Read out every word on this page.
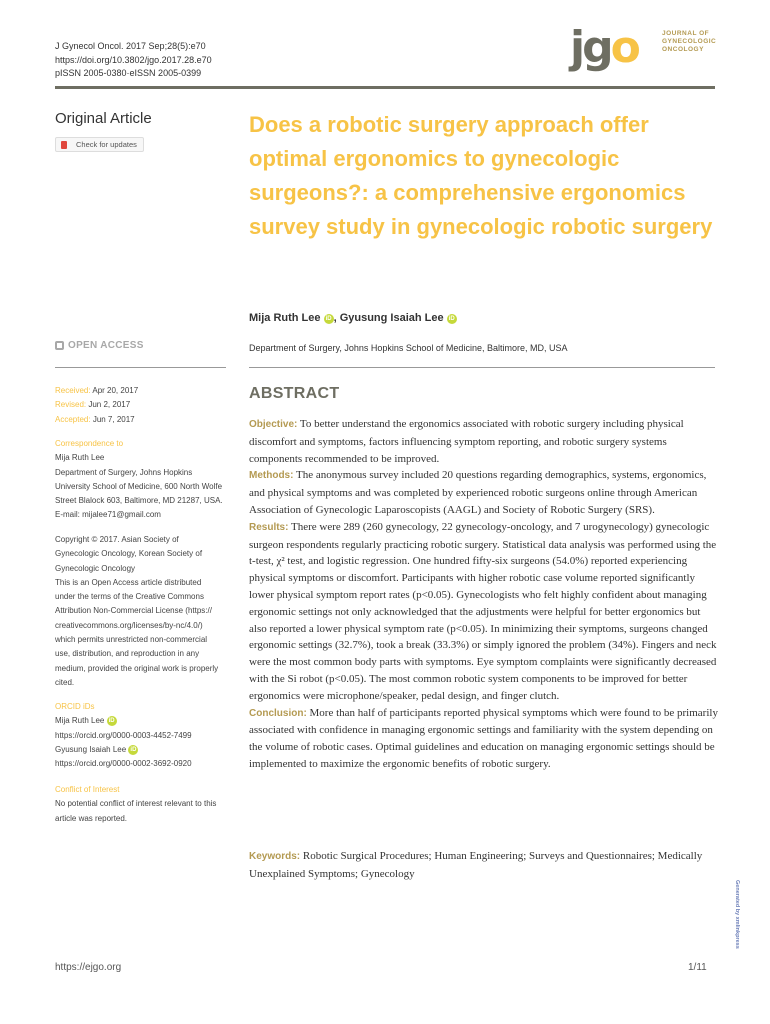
J Gynecol Oncol. 2017 Sep;28(5):e70
https://doi.org/10.3802/jgo.2017.28.e70
pISSN 2005-0380·eISSN 2005-0399	jgo	JOURNAL OF
GYNECOLOGIC
ONCOLOGY
Original Article
Check for updates
Does a robotic surgery approach offer optimal ergonomics to gynecologic surgeons?: a comprehensive ergonomics survey study in gynecologic robotic surgery
Mija Ruth Lee iD , Gyusung Isaiah Lee iD
OPEN ACCESS	Department of Surgery, Johns Hopkins School of Medicine, Baltimore, MD, USA
Received: Apr 20, 2017
Revised: Jun 2, 2017
Accepted: Jun 7, 2017
Correspondence to
Mija Ruth Lee
Department of Surgery, Johns Hopkins
University School of Medicine, 600 North Wolfe
Street Blalock 603, Baltimore, MD 21287, USA.
E-mail: mijalee71@gmail.com
Copyright © 2017. Asian Society of
Gynecologic Oncology, Korean Society of
Gynecologic Oncology
This is an Open Access article distributed
under the terms of the Creative Commons
Attribution Non-Commercial License (https://
creativecommons.org/licenses/by-nc/4.0/)
which permits unrestricted non-commercial
use, distribution, and reproduction in any
medium, provided the original work is properly
cited.
ORCID iDs
Mija Ruth Lee iD
https://orcid.org/0000-0003-4452-7499
Gyusung Isaiah Lee iD
https://orcid.org/0000-0002-3692-0920
Conflict of Interest
No potential conflict of interest relevant to this
article was reported.
ABSTRACT

Objective: To better understand the ergonomics associated with robotic surgery including physical discomfort and symptoms, factors influencing symptom reporting, and robotic surgery systems components recommended to be improved.

Methods: The anonymous survey included 20 questions regarding demographics, systems, ergonomics, and physical symptoms and was completed by experienced robotic surgeons online through American Association of Gynecologic Laparoscopists (AAGL) and Society of Robotic Surgery (SRS).

Results: There were 289 (260 gynecology, 22 gynecology-oncology, and 7 urogynecology) gynecologic surgeon respondents regularly practicing robotic surgery. Statistical data analysis was performed using the t-test, χ² test, and logistic regression. One hundred fifty-six surgeons (54.0%) reported experiencing physical symptoms or discomfort. Participants with higher robotic case volume reported significantly lower physical symptom report rates (p<0.05). Gynecologists who felt highly confident about managing ergonomic settings not only acknowledged that the adjustments were helpful for better ergonomics but also reported a lower physical symptom rate (p<0.05). In minimizing their symptoms, surgeons changed ergonomic settings (32.7%), took a break (33.3%) or simply ignored the problem (34%). Fingers and neck were the most common body parts with symptoms. Eye symptom complaints were significantly decreased with the Si robot (p<0.05). The most common robotic system components to be improved for better ergonomics were microphone/speaker, pedal design, and finger clutch.

Conclusion: More than half of participants reported physical symptoms which were found to be primarily associated with confidence in managing ergonomic settings and familiarity with the system depending on the volume of robotic cases. Optimal guidelines and education on managing ergonomic settings should be implemented to maximize the ergonomic benefits of robotic surgery.

Keywords: Robotic Surgical Procedures; Human Engineering; Surveys and Questionnaires; Medically Unexplained Symptoms; Gynecology
https://ejgo.org	1/11
Generated by xmlinkpress
